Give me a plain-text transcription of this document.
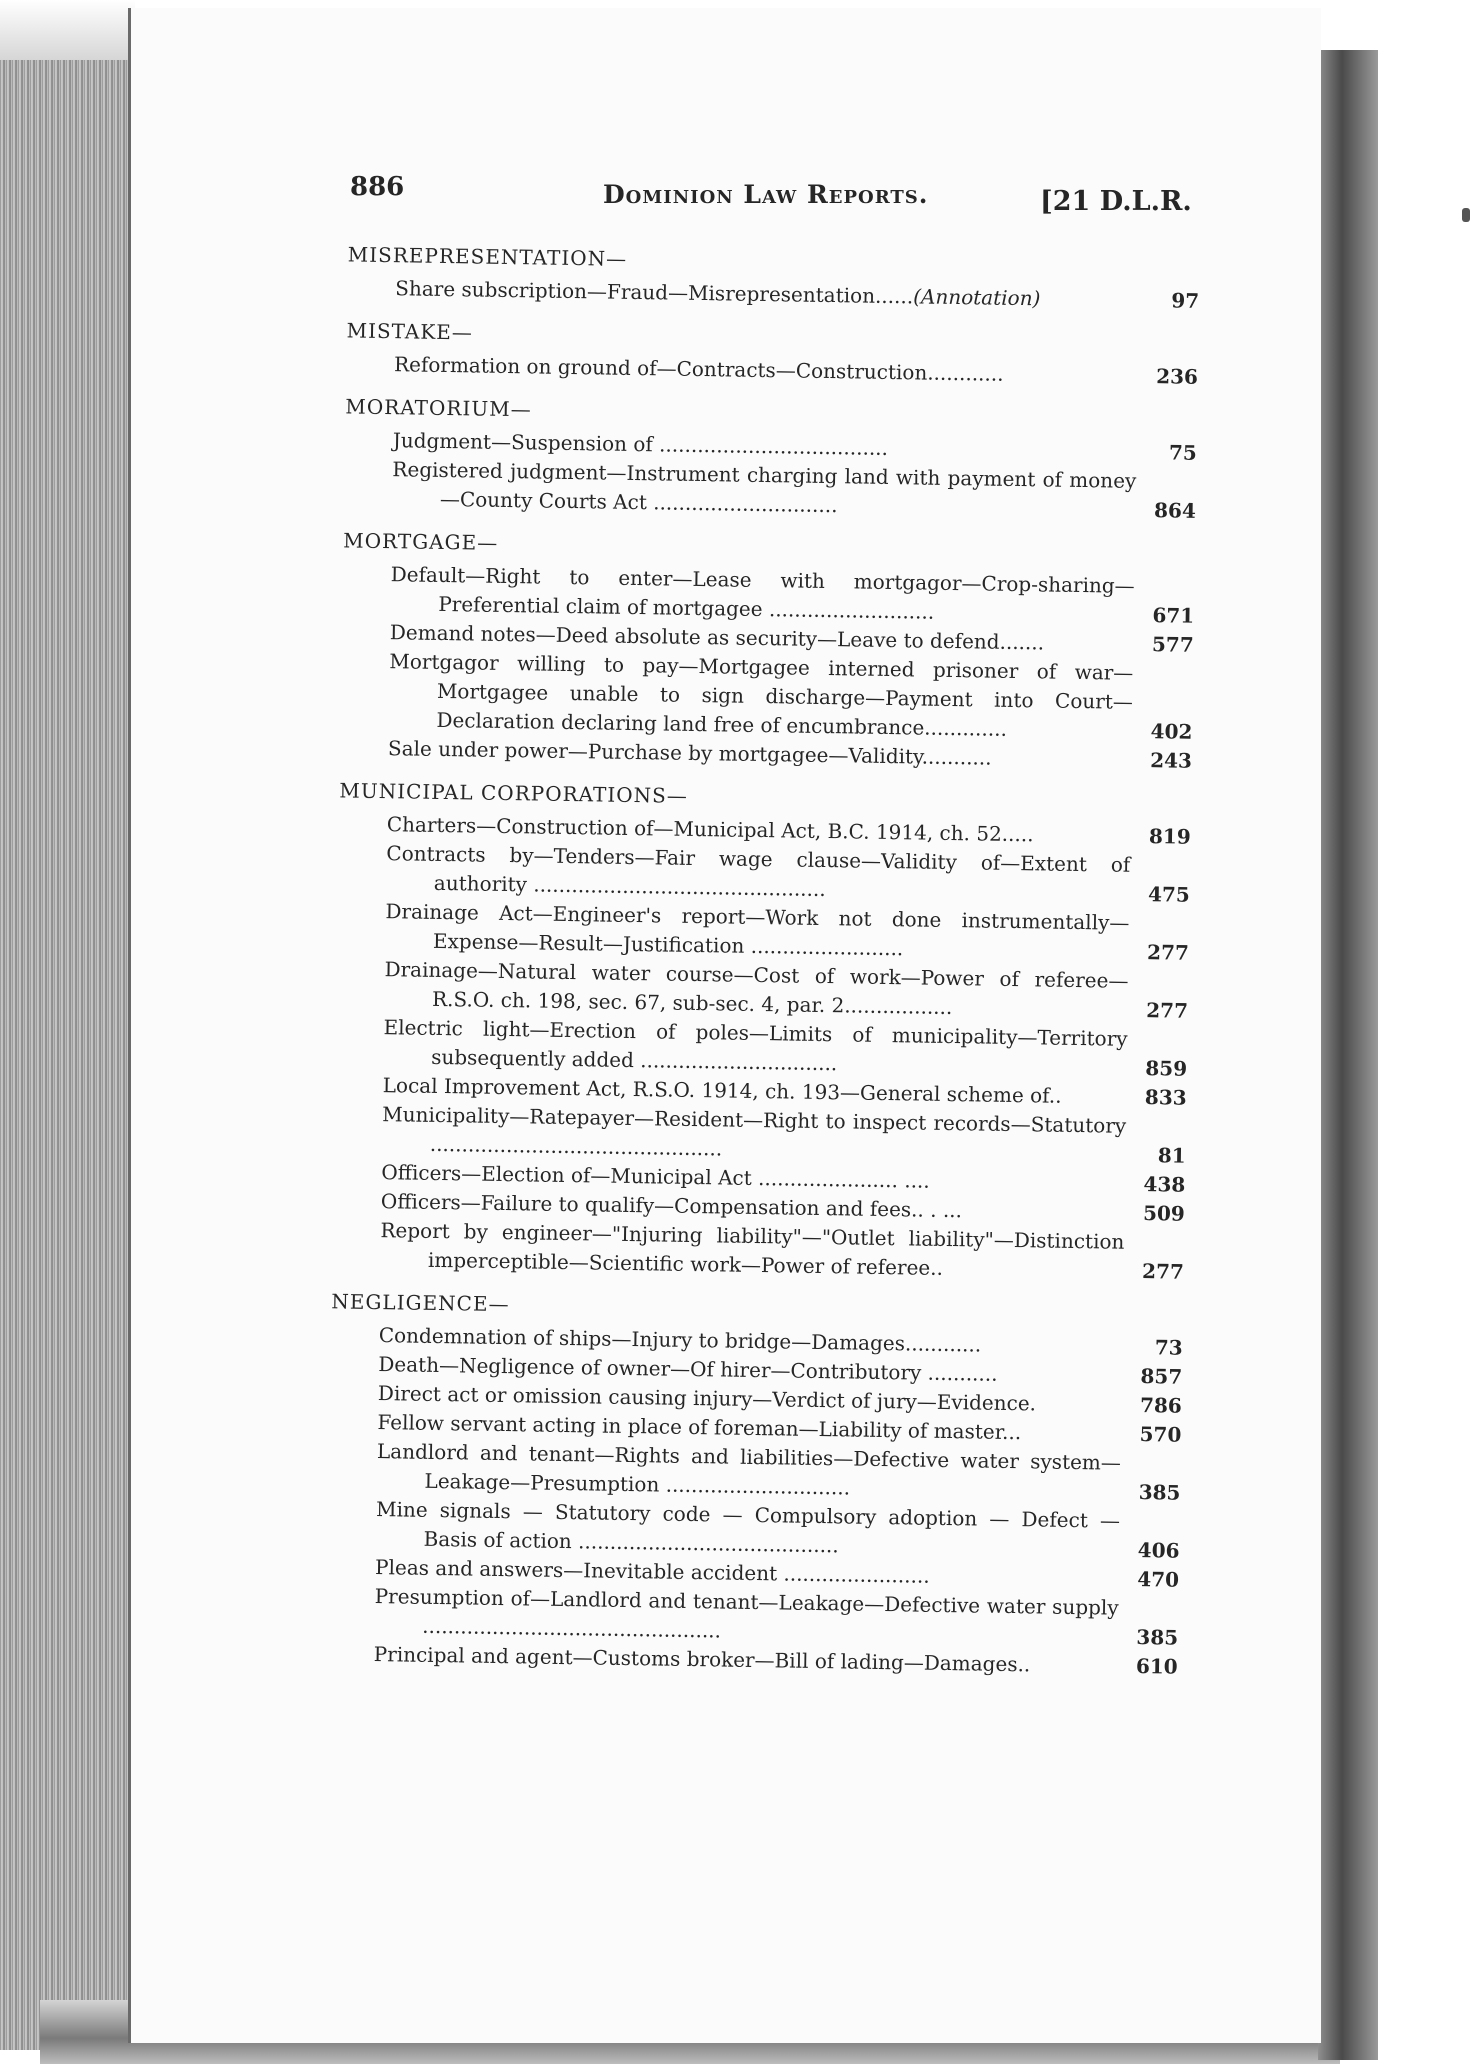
886	Dominion Law Reports.	[21 D.L.R.
MISREPRESENTATION—
Share subscription—Fraud—Misrepresentation......(Annotation)	97
MISTAKE—
Reformation on ground of—Contracts—Construction............	236
MORATORIUM—
Judgment—Suspension of ....................................	75
Registered judgment—Instrument charging land with payment of money—County Courts Act .............................	864
MORTGAGE—
Default—Right to enter—Lease with mortgagor—Crop-sharing—Preferential claim of mortgagee ..........................	671
Demand notes—Deed absolute as security—Leave to defend.......	577
Mortgagor willing to pay—Mortgagee interned prisoner of war—Mortgagee unable to sign discharge—Payment into Court—Declaration declaring land free of encumbrance.............	402
Sale under power—Purchase by mortgagee—Validity...........	243
MUNICIPAL CORPORATIONS—
Charters—Construction of—Municipal Act, B.C. 1914, ch. 52.....	819
Contracts by—Tenders—Fair wage clause—Validity of—Extent of authority ..............................................	475
Drainage Act—Engineer's report—Work not done instrumentally—Expense—Result—Justification ........................	277
Drainage—Natural water course—Cost of work—Power of referee—R.S.O. ch. 198, sec. 67, sub-sec. 4, par. 2.................	277
Electric light—Erection of poles—Limits of municipality—Territory subsequently added ...............................	859
Local Improvement Act, R.S.O. 1914, ch. 193—General scheme of..	833
Municipality—Ratepayer—Resident—Right to inspect records—Statutory ..............................................	81
Officers—Election of—Municipal Act ...................... ....	438
Officers—Failure to qualify—Compensation and fees.. . ...	509
Report by engineer—"Injuring liability"—"Outlet liability"—Distinction imperceptible—Scientific work—Power of referee..	277
NEGLIGENCE—
Condemnation of ships—Injury to bridge—Damages............	73
Death—Negligence of owner—Of hirer—Contributory ...........	857
Direct act or omission causing injury—Verdict of jury—Evidence.	786
Fellow servant acting in place of foreman—Liability of master...	570
Landlord and tenant—Rights and liabilities—Defective water system—Leakage—Presumption .............................	385
Mine signals — Statutory code — Compulsory adoption — Defect — Basis of action .........................................	406
Pleas and answers—Inevitable accident .......................	470
Presumption of—Landlord and tenant—Leakage—Defective water supply ...............................................	385
Principal and agent—Customs broker—Bill of lading—Damages..	610
